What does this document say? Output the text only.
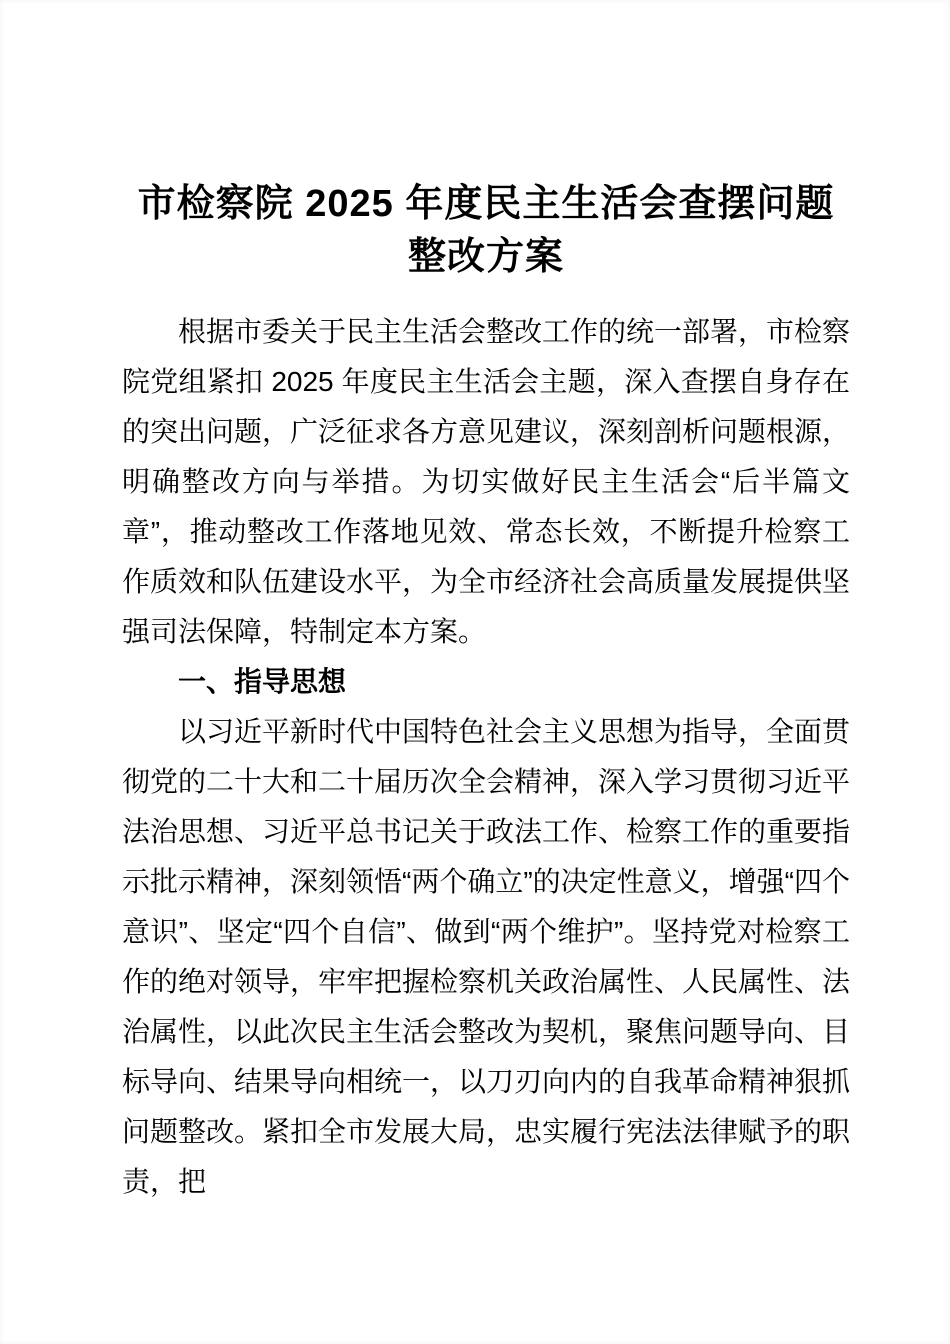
市检察院 2025 年度民主生活会查摆问题整改方案

根据市委关于民主生活会整改工作的统一部署，市检察院党组紧扣 2025 年度民主生活会主题，深入查摆自身存在的突出问题，广泛征求各方意见建议，深刻剖析问题根源，明确整改方向与举措。为切实做好民主生活会“后半篇文章”，推动整改工作落地见效、常态长效，不断提升检察工作质效和队伍建设水平，为全市经济社会高质量发展提供坚强司法保障，特制定本方案。

一、指导思想

以习近平新时代中国特色社会主义思想为指导，全面贯彻党的二十大和二十届历次全会精神，深入学习贯彻习近平法治思想、习近平总书记关于政法工作、检察工作的重要指示批示精神，深刻领悟“两个确立”的决定性意义，增强“四个意识”、坚定“四个自信”、做到“两个维护”。坚持党对检察工作的绝对领导，牢牢把握检察机关政治属性、人民属性、法治属性，以此次民主生活会整改为契机，聚焦问题导向、目标导向、结果导向相统一，以刀刃向内的自我革命精神狠抓问题整改。紧扣全市发展大局，忠实履行宪法法律赋予的职责，把
